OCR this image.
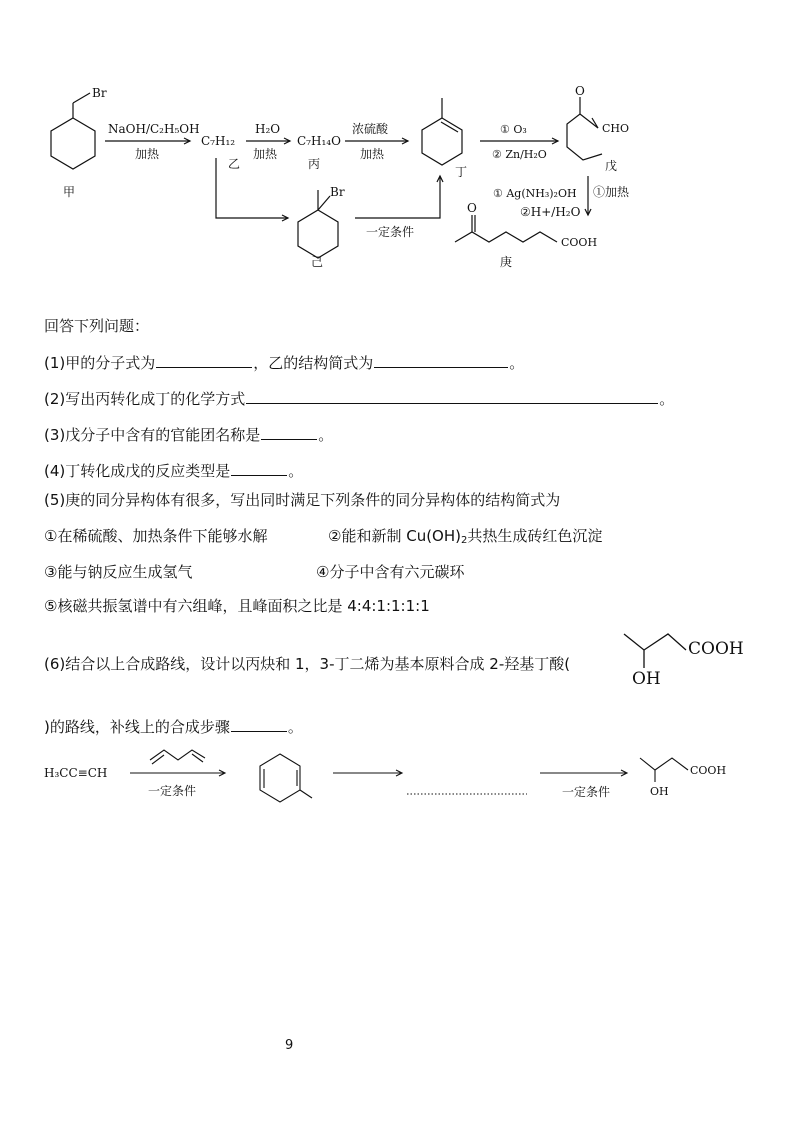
Br
甲
NaOH/C₂H₅OH
加热
C₇H₁₂
乙
H₂O
加热
C₇H₁₄O
丙
浓硫酸
加热
丁
① O₃
② Zn/H₂O
O
CHO
戊
① Ag(NH₃)₂OH ①加热
②H+/H₂O
Br
己
一定条件
O
COOH
庚
回答下列问题：
(1)甲的分子式为	，乙的结构简式为	。
(2)写出丙转化成丁的化学方式	。
(3)戊分子中含有的官能团名称是	。
(4)丁转化成戊的反应类型是	。
(5)庚的同分异构体有很多，写出同时满足下列条件的同分异构体的结构简式为
①在稀硫酸、加热条件下能够水解	②能和新制 $Cu(OH)_2$共热生成砖红色沉淀
③能与钠反应生成氢气	④分子中含有六元碳环
⑤核磁共振氢谱中有六组峰，且峰面积之比是 4:4:1:1:1:1
(6)结合以上合成路线，设计以丙炔和 1，3-丁二烯为基本原料合成 2-羟基丁酸(
COOH
OH
)的路线，补线上的合成步骤	。
H₃CC≡CH
一定条件	一定条件
COOH
OH
9
